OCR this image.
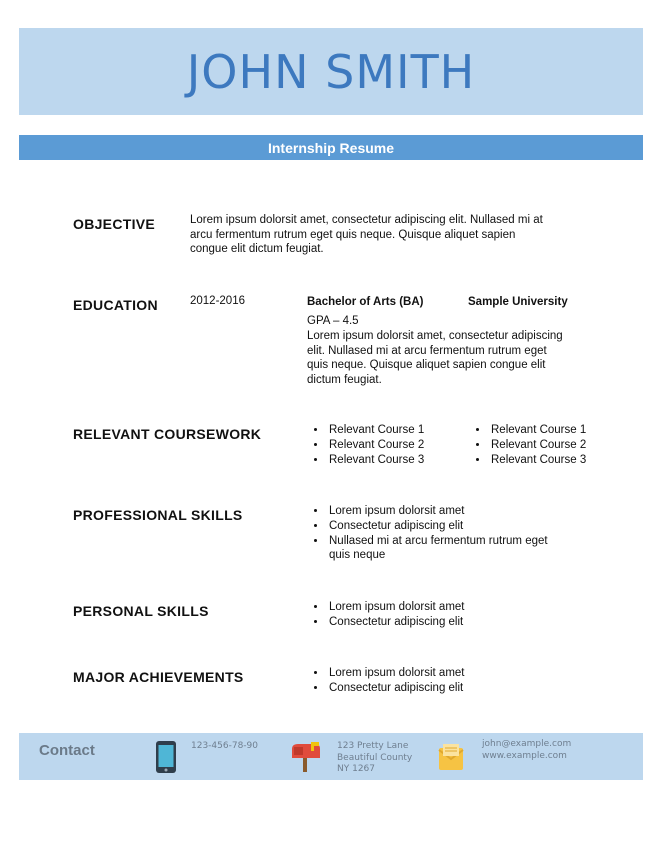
JOHN SMITH
Internship Resume
OBJECTIVE	Lorem ipsum dolorsit amet, consectetur adipiscing elit. Nullased mi at
arcu fermentum rutrum eget quis neque. Quisque aliquet sapien
congue elit dictum feugiat.
EDUCATION	2012-2016	Bachelor of Arts (BA)	Sample University
GPA – 4.5
Lorem ipsum dolorsit amet, consectetur adipiscing
elit. Nullased mi at arcu fermentum rutrum eget
quis neque. Quisque aliquet sapien congue elit
dictum feugiat.
RELEVANT COURSEWORK	• Relevant Course 1
• Relevant Course 2
• Relevant Course 3
• Relevant Course 1
• Relevant Course 2
• Relevant Course 3
PROFESSIONAL SKILLS	• Lorem ipsum dolorsit amet
• Consectetur adipiscing elit
• Nullased mi at arcu fermentum rutrum eget
quis neque
PERSONAL SKILLS	• Lorem ipsum dolorsit amet
• Consectetur adipiscing elit
MAJOR ACHIEVEMENTS	• Lorem ipsum dolorsit amet
• Consectetur adipiscing elit
Contact	123-456-78-90	123 Pretty Lane
Beautiful County
NY 1267
john@example.com
www.example.com
